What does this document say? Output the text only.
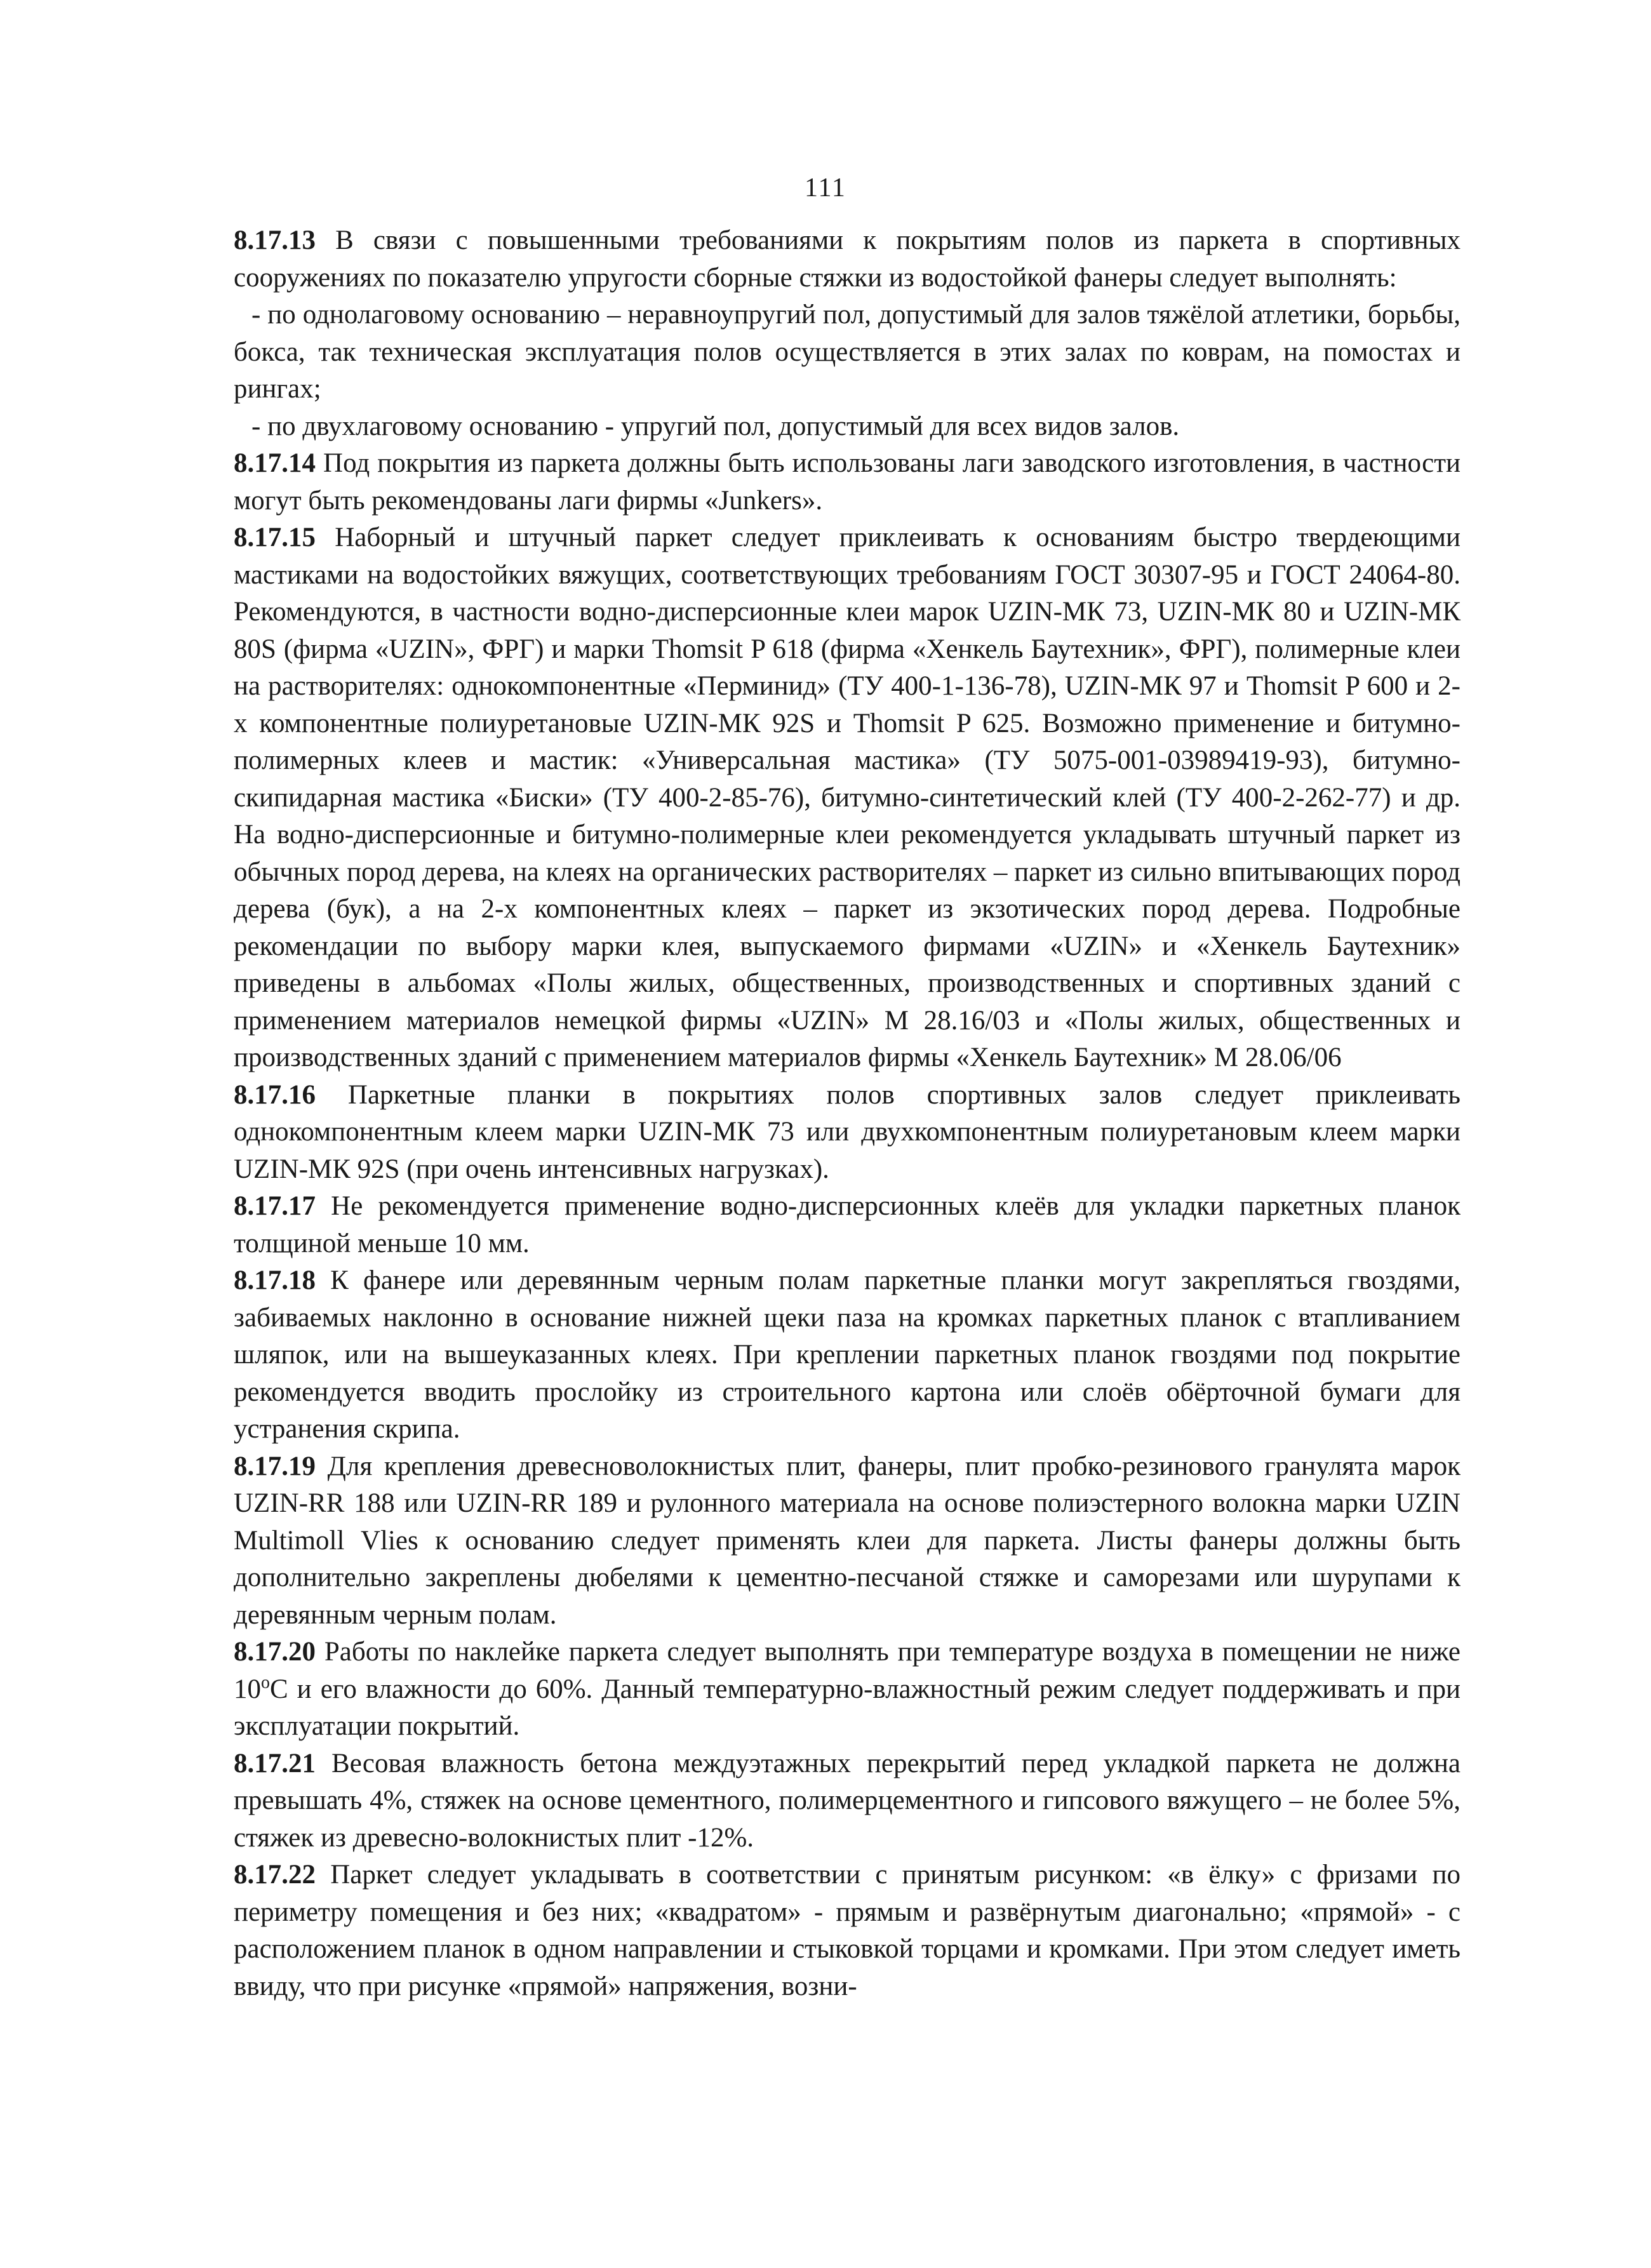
111

8.17.13 В связи с повышенными требованиями к покрытиям полов из паркета в спортивных сооружениях по показателю упругости сборные стяжки из водостойкой фанеры следует выполнять:

- по однолаговому основанию – неравноупругий пол, допустимый для залов тяжёлой атлетики, борьбы, бокса, так техническая эксплуатация полов осуществляется в этих залах по коврам, на помостах и рингах;

- по двухлаговому основанию - упругий пол, допустимый для всех видов залов.

8.17.14 Под покрытия из паркета должны быть использованы лаги заводского изготовления, в частности могут быть рекомендованы лаги фирмы «Junkers».

8.17.15 Наборный и штучный паркет следует приклеивать к основаниям быстро твердеющими мастиками на водостойких вяжущих, соответствующих требованиям ГОСТ 30307-95 и ГОСТ 24064-80. Рекомендуются, в частности водно-дисперсионные клеи марок UZIN-МК 73, UZIN-МК 80 и UZIN-МК 80S (фирма «UZIN», ФРГ) и марки Thomsit P 618 (фирма «Хенкель Баутехник», ФРГ), полимерные клеи на растворителях: однокомпонентные «Перминид» (ТУ 400-1-136-78), UZIN-МК 97 и Thomsit P 600 и 2-х компонентные полиуретановые UZIN-МК 92S и Thomsit P 625. Возможно применение и битумно-полимерных клеев и мастик: «Универсальная мастика» (ТУ 5075-001-03989419-93), битумно-скипидарная мастика «Биски» (ТУ 400-2-85-76), битумно-синтетический клей (ТУ 400-2-262-77) и др. На водно-дисперсионные и битумно-полимерные клеи рекомендуется укладывать штучный паркет из обычных пород дерева, на клеях на органических растворителях – паркет из сильно впитывающих пород дерева (бук), а на 2-х компонентных клеях – паркет из экзотических пород дерева. Подробные рекомендации по выбору марки клея, выпускаемого фирмами «UZIN» и «Хенкель Баутехник» приведены в альбомах «Полы жилых, общественных, производственных и спортивных зданий с применением материалов немецкой фирмы «UZIN» М 28.16/03 и «Полы жилых, общественных и производственных зданий с применением материалов фирмы «Хенкель Баутехник» М 28.06/06

8.17.16 Паркетные планки в покрытиях полов спортивных залов следует приклеивать однокомпонентным клеем марки UZIN-МК 73 или двухкомпонентным полиуретановым клеем марки UZIN-МК 92S (при очень интенсивных нагрузках).

8.17.17 Не рекомендуется применение водно-дисперсионных клеёв для укладки паркетных планок толщиной меньше 10 мм.

8.17.18 К фанере или деревянным черным полам паркетные планки могут закрепляться гвоздями, забиваемых наклонно в основание нижней щеки паза на кромках паркетных планок с втапливанием шляпок, или на вышеуказанных клеях. При креплении паркетных планок гвоздями под покрытие рекомендуется вводить прослойку из строительного картона или слоёв обёрточной бумаги для устранения скрипа.

8.17.19 Для крепления древесноволокнистых плит, фанеры, плит пробко-резинового гранулята марок UZIN-RR 188 или UZIN-RR 189 и рулонного материала на основе полиэстерного волокна марки UZIN Multimoll Vlies к основанию следует применять клеи для паркета. Листы фанеры должны быть дополнительно закреплены дюбелями к цементно-песчаной стяжке и саморезами или шурупами к деревянным черным полам.

8.17.20 Работы по наклейке паркета следует выполнять при температуре воздуха в помещении не ниже 10$^o$С и его влажности до 60%. Данный температурно-влажностный режим следует поддерживать и при эксплуатации покрытий.

8.17.21 Весовая влажность бетона междуэтажных перекрытий перед укладкой паркета не должна превышать 4%, стяжек на основе цементного, полимерцементного и гипсового вяжущего – не более 5%, стяжек из древесно-волокнистых плит -12%.

8.17.22 Паркет следует укладывать в соответствии с принятым рисунком: «в ёлку» с фризами по периметру помещения и без них; «квадратом» - прямым и развёрнутым диагонально; «прямой» - с расположением планок в одном направлении и стыковкой торцами и кромками. При этом следует иметь ввиду, что при рисунке «прямой» напряжения, возни-
